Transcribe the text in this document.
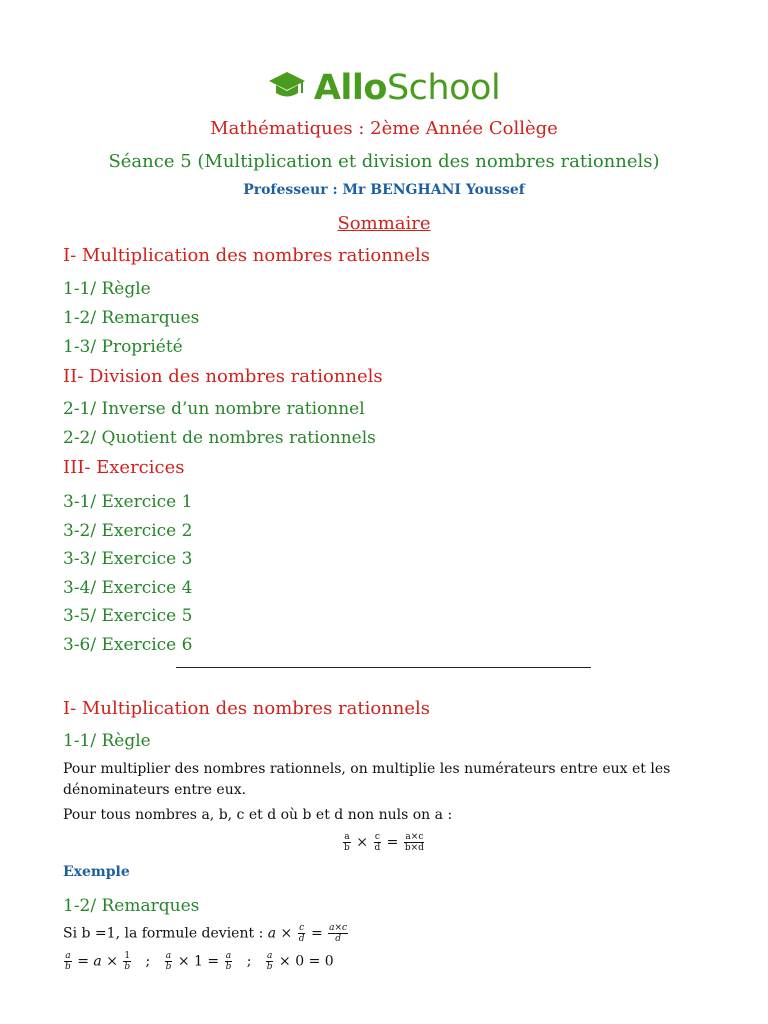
AlloSchool
Mathématiques : 2ème Année Collège
Séance 5 (Multiplication et division des nombres rationnels)
Professeur : Mr BENGHANI Youssef
Sommaire
I- Multiplication des nombres rationnels
1-1/ Règle
1-2/ Remarques
1-3/ Propriété
II- Division des nombres rationnels
2-1/ Inverse d’un nombre rationnel
2-2/ Quotient de nombres rationnels
III- Exercices
3-1/ Exercice 1
3-2/ Exercice 2
3-3/ Exercice 3
3-4/ Exercice 4
3-5/ Exercice 5
3-6/ Exercice 6
I- Multiplication des nombres rationnels
1-1/ Règle
Pour multiplier des nombres rationnels, on multiplie les numérateurs entre eux et les dénominateurs entre eux.
Pour tous nombres a, b, c et d où b et d non nuls on a :
$\frac{a}{b} \times \frac{c}{d} = \frac{a\times c}{b\times d}$
Exemple
1-2/ Remarques
Si b =1, la formule devient : $a \times \frac{c}{d} = \frac{a\times c}{d}$
$\frac{a}{b} = a \times \frac{1}{b}$ ; $\frac{a}{b} \times 1 = \frac{a}{b}$ ; $\frac{a}{b} \times 0 = 0$
